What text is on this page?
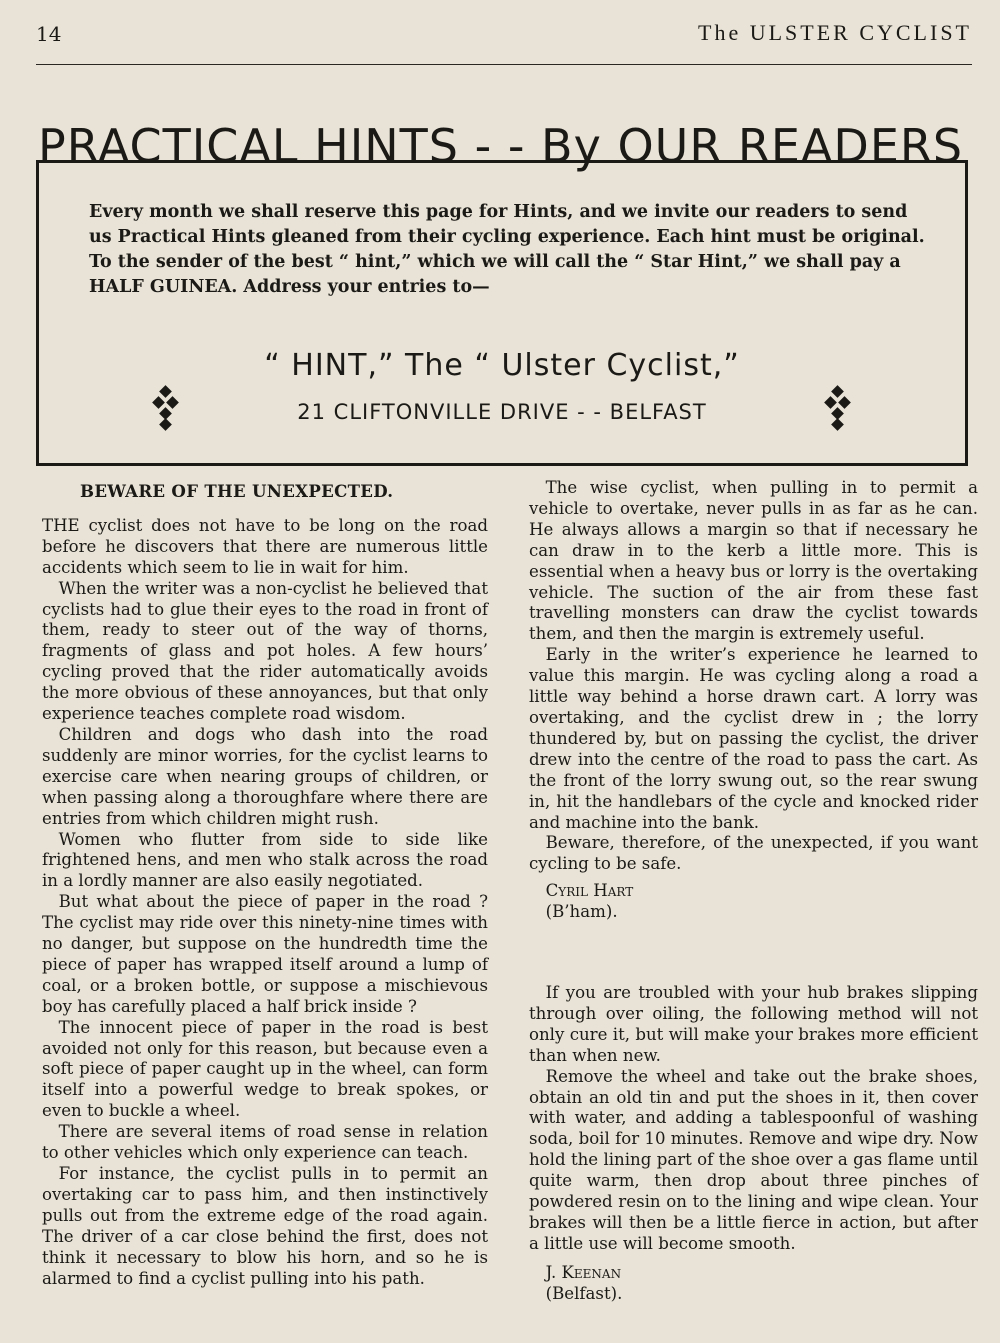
14	The ULSTER CYCLIST
PRACTICAL HINTS - - By OUR READERS

Every month we shall reserve this page for Hints, and we invite our readers to send us Practical Hints gleaned from their cycling experience. Each hint must be original. To the sender of the best “ hint,” which we will call the “ Star Hint,” we shall pay a HALF GUINEA. Address your entries to—

“ HINT,” The “ Ulster Cyclist,”
21 CLIFTONVILLE DRIVE - - BELFAST
BEWARE OF THE UNEXPECTED.

THE cyclist does not have to be long on the road before he discovers that there are numerous little accidents which seem to lie in wait for him.

When the writer was a non-cyclist he believed that cyclists had to glue their eyes to the road in front of them, ready to steer out of the way of thorns, fragments of glass and pot holes. A few hours’ cycling proved that the rider automatically avoids the more obvious of these annoyances, but that only experience teaches complete road wisdom.

Children and dogs who dash into the road suddenly are minor worries, for the cyclist learns to exercise care when nearing groups of children, or when passing along a thoroughfare where there are entries from which children might rush.

Women who flutter from side to side like frightened hens, and men who stalk across the road in a lordly manner are also easily negotiated.

But what about the piece of paper in the road ? The cyclist may ride over this ninety-nine times with no danger, but suppose on the hundredth time the piece of paper has wrapped itself around a lump of coal, or a broken bottle, or suppose a mischievous boy has carefully placed a half brick inside ?

The innocent piece of paper in the road is best avoided not only for this reason, but because even a soft piece of paper caught up in the wheel, can form itself into a powerful wedge to break spokes, or even to buckle a wheel.

There are several items of road sense in relation to other vehicles which only experience can teach.

For instance, the cyclist pulls in to permit an overtaking car to pass him, and then instinctively pulls out from the extreme edge of the road again. The driver of a car close behind the first, does not think it necessary to blow his horn, and so he is alarmed to find a cyclist pulling into his path.

The wise cyclist, when pulling in to permit a vehicle to overtake, never pulls in as far as he can. He always allows a margin so that if necessary he can draw in to the kerb a little more. This is essential when a heavy bus or lorry is the overtaking vehicle. The suction of the air from these fast travelling monsters can draw the cyclist towards them, and then the margin is extremely useful.

Early in the writer’s experience he learned to value this margin. He was cycling along a road a little way behind a horse drawn cart. A lorry was overtaking, and the cyclist drew in ; the lorry thundered by, but on passing the cyclist, the driver drew into the centre of the road to pass the cart. As the front of the lorry swung out, so the rear swung in, hit the handlebars of the cycle and knocked rider and machine into the bank.

Beware, therefore, of the unexpected, if you want cycling to be safe.

Cyril Hart

(B’ham).

If you are troubled with your hub brakes slipping through over oiling, the following method will not only cure it, but will make your brakes more efficient than when new.

Remove the wheel and take out the brake shoes, obtain an old tin and put the shoes in it, then cover with water, and adding a tablespoonful of washing soda, boil for 10 minutes. Remove and wipe dry. Now hold the lining part of the shoe over a gas flame until quite warm, then drop about three pinches of powdered resin on to the lining and wipe clean. Your brakes will then be a little fierce in action, but after a little use will become smooth.

J. Keenan

(Belfast).
